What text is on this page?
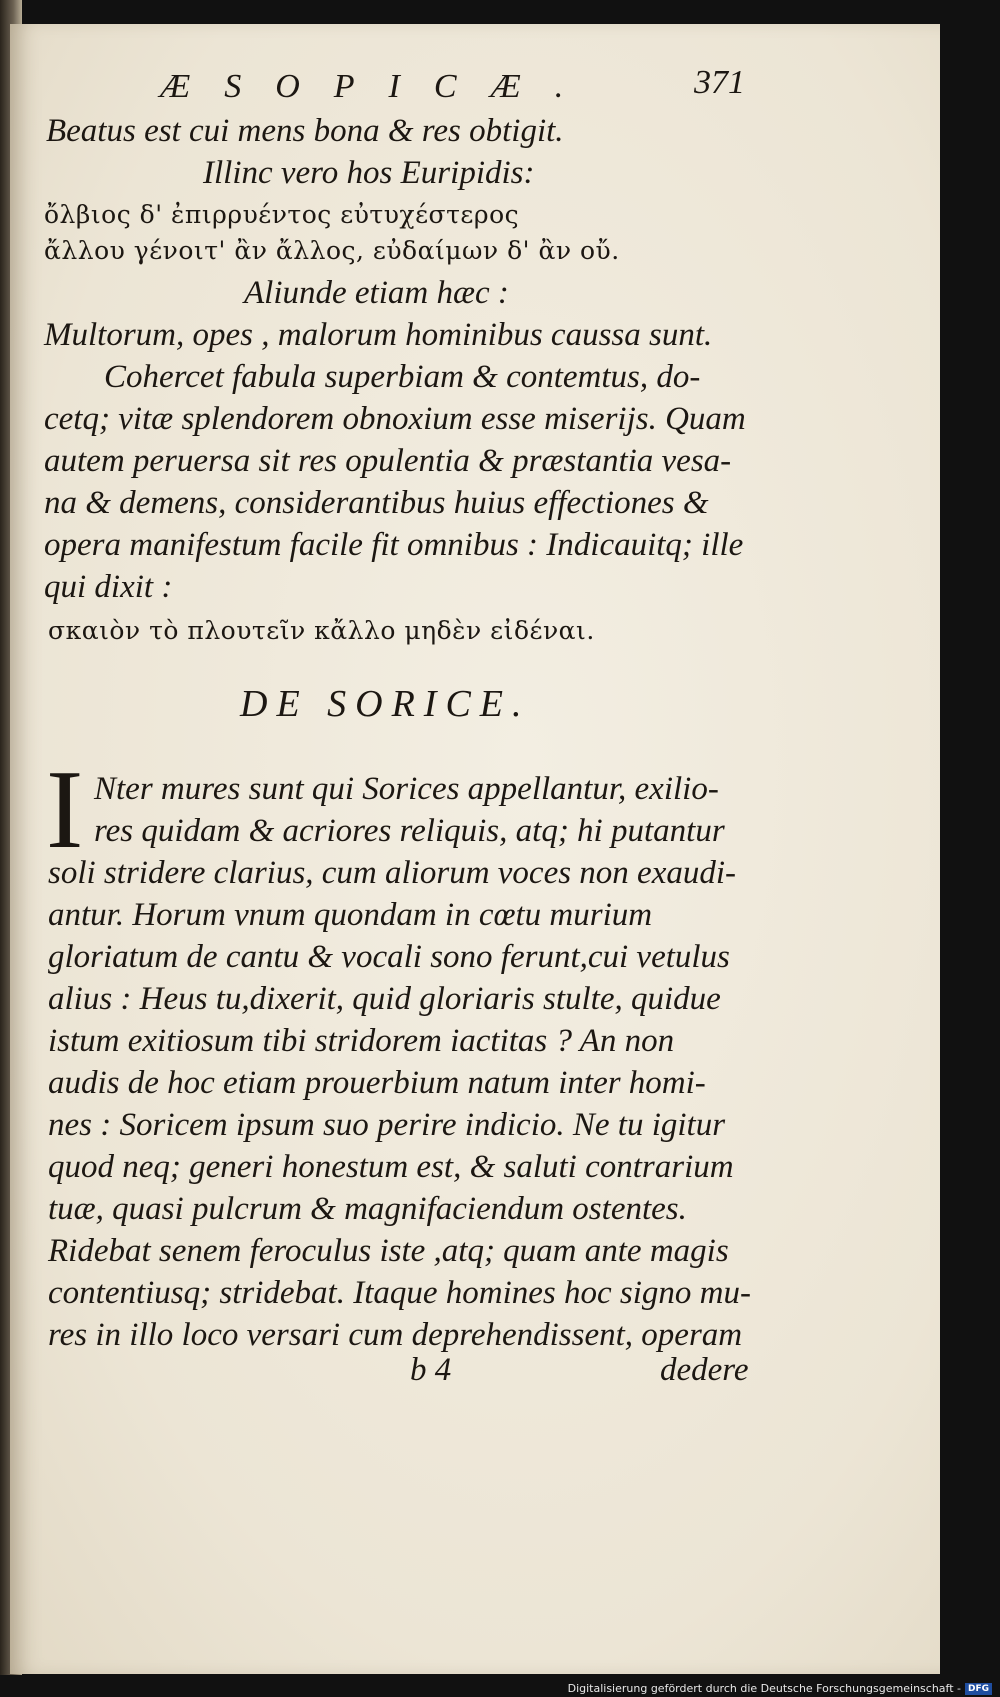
ÆSOPICÆ.	371
Beatus est cui mens bona & res obtigit.
Illinc vero hos Euripidis:
ὄλβιος δ' ἐπιρρυέντος εὐτυχέστερος
ἄλλου γένοιτ' ἂν ἄλλος, εὐδαίμων δ' ἂν οὔ.
Aliunde etiam hæc :
Multorum, opes , malorum hominibus caussa sunt.
Cohercet fabula superbiam & contemtus, do-
cetq; vitæ splendorem obnoxium esse miserijs. Quam
autem peruersa sit res opulentia & præstantia vesa-
na & demens, considerantibus huius effectiones &
opera manifestum facile fit omnibus : Indicauitq; ille
qui dixit :
σκαιὸν τὸ πλουτεῖν κἄλλο μηδὲν εἰδέναι.
DE SORICE.
I Nter mures sunt qui Sorices appellantur, exilio-
res quidam & acriores reliquis, atq; hi putantur
soli stridere clarius, cum aliorum voces non exaudi-
antur. Horum vnum quondam in cœtu murium
gloriatum de cantu & vocali sono ferunt,cui vetulus
alius : Heus tu,dixerit, quid gloriaris stulte, quidue
istum exitiosum tibi stridorem iactitas ? An non
audis de hoc etiam prouerbium natum inter homi-
nes : Soricem ipsum suo perire indicio. Ne tu igitur
quod neq; generi honestum est, & saluti contrarium
tuæ, quasi pulcrum & magnifaciendum ostentes.
Ridebat senem feroculus iste ,atq; quam ante magis
contentiusq; stridebat. Itaque homines hoc signo mu-
res in illo loco versari cum deprehendissent, operam
b 4	dedere
Digitalisierung gefördert durch die Deutsche Forschungsgemeinschaft - DFG
